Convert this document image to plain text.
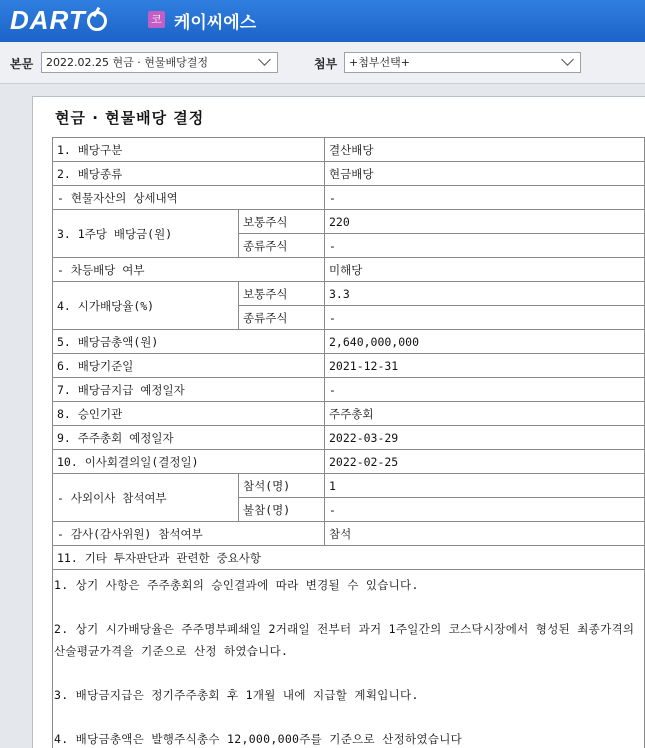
DART	코 케이씨에스
본문	2022.02.25 현금 · 현물배당결정	첨부	+첨부선택+
현금 · 현물배당 결정
1. 배당구분		결산배당
2. 배당종류		현금배당
- 현물자산의 상세내역		-
3. 1주당 배당금(원)	보통주식	220
	종류주식	-
- 차등배당 여부		미해당
4. 시가배당율(%)	보통주식	3.3
	종류주식	-
5. 배당금총액(원)		2,640,000,000
6. 배당기준일		2021-12-31
7. 배당금지급 예정일자		-
8. 승인기관		주주총회
9. 주주총회 예정일자		2022-03-29
10. 이사회결의일(결정일)		2022-02-25
- 사외이사 참석여부	참석(명)	1
	불참(명)	-
- 감사(감사위원) 참석여부		참석
11. 기타 투자판단과 관련한 중요사항		

1. 상기 사항은 주주총회의 승인결과에 따라 변경될 수 있습니다.

2. 상기 시가배당율은 주주명부폐쇄일 2거래일 전부터 과거 1주일간의 코스닥시장에서 형성된 최종가격의 산술평균가격을 기준으로 산정 하였습니다.

3. 배당금지급은 정기주주총회 후 1개월 내에 지급할 계획입니다.

4. 배당금총액은 발행주식총수 12,000,000주를 기준으로 산정하였습니다		
